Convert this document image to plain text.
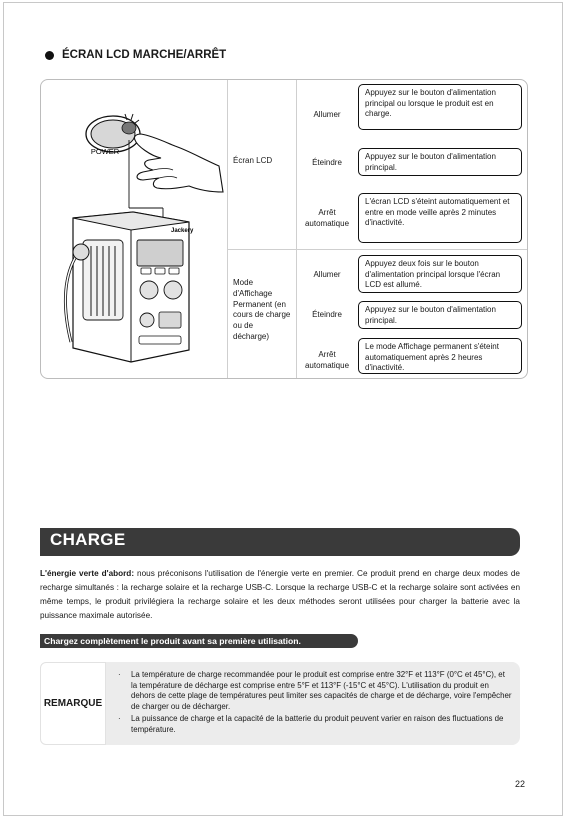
ÉCRAN LCD MARCHE/ARRÊT
POWER
Jackery
Écran LCD
Allumer
Appuyez sur le bouton d'alimentation principal ou lorsque le produit est en charge.
Éteindre
Appuyez sur le bouton d'alimentation principal.
Arrêt automatique
L'écran LCD s'éteint automatiquement et entre en mode veille après 2 minutes d'inactivité.
Mode d'Affichage Permanent (en cours de charge ou de décharge)
Allumer
Appuyez deux fois sur le bouton d'alimentation principal lorsque l'écran LCD est allumé.
Éteindre
Appuyez sur le bouton d'alimentation principal.
Arrêt automatique
Le mode Affichage permanent s'éteint automatiquement après 2 heures d'inactivité.
CHARGE
L'énergie verte d'abord: nous préconisons l'utilisation de l'énergie verte en premier. Ce produit prend en charge deux modes de recharge simultanés : la recharge solaire et la recharge USB-C. Lorsque la recharge USB-C et la recharge solaire sont activées en même temps, le produit privilégiera la recharge solaire et les deux méthodes seront utilisées pour charger la batterie avec la puissance maximale autorisée.
Chargez complètement le produit avant sa première utilisation.
REMARQUE
· La température de charge recommandée pour le produit est comprise entre 32°F et 113°F (0°C et 45°C), et la température de décharge est comprise entre 5°F et 113°F (-15°C et 45°C). L'utilisation du produit en dehors de cette plage de températures peut limiter ses capacités de charge et de décharge, voire l'empêcher de charger ou de décharger.
· La puissance de charge et la capacité de la batterie du produit peuvent varier en raison des fluctuations de température.
22
